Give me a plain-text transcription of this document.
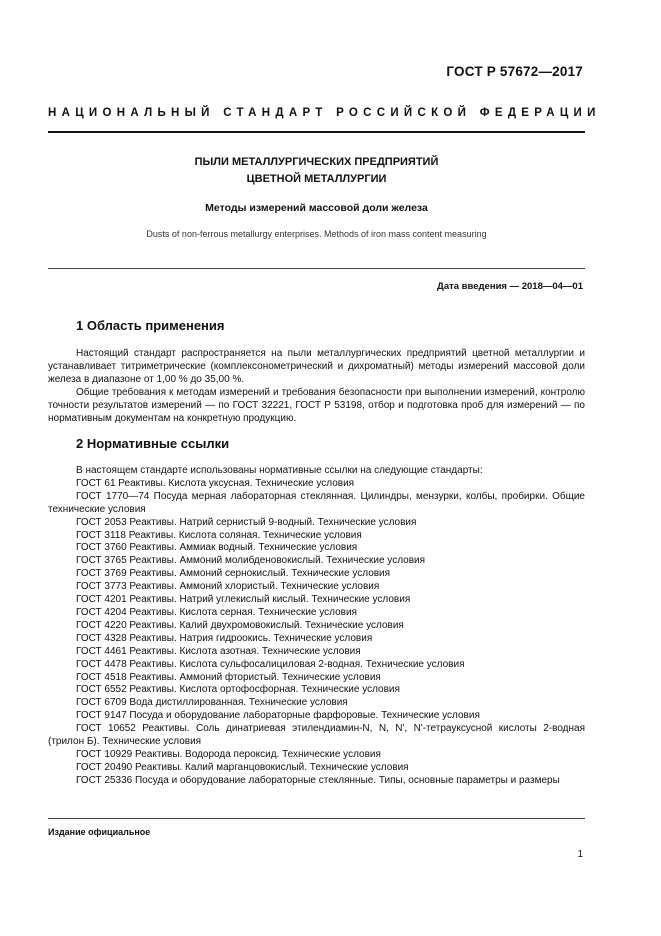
ГОСТ Р 57672—2017
НАЦИОНАЛЬНЫЙ СТАНДАРТ РОССИЙСКОЙ ФЕДЕРАЦИИ
ПЫЛИ МЕТАЛЛУРГИЧЕСКИХ ПРЕДПРИЯТИЙ
ЦВЕТНОЙ МЕТАЛЛУРГИИ
Методы измерений массовой доли железа
Dusts of non-ferrous metallurgy enterprises. Methods of iron mass content measuring
Дата введения — 2018—04—01
1 Область применения

Настоящий стандарт распространяется на пыли металлургических предприятий цветной металлургии и устанавливает титриметрические (комплексонометрический и дихроматный) методы измерений массовой доли железа в диапазоне от 1,00 % до 35,00 %.

Общие требования к методам измерений и требования безопасности при выполнении измерений, контролю точности результатов измерений — по ГОСТ 32221, ГОСТ Р 53198, отбор и подготовка проб для измерений — по нормативным документам на конкретную продукцию.

2 Нормативные ссылки
В настоящем стандарте использованы нормативные ссылки на следующие стандарты:
ГОСТ 61 Реактивы. Кислота уксусная. Технические условия
ГОСТ 1770—74 Посуда мерная лабораторная стеклянная. Цилиндры, мензурки, колбы, пробирки. Общие технические условия
ГОСТ 2053 Реактивы. Натрий сернистый 9-водный. Технические условия
ГОСТ 3118 Реактивы. Кислота соляная. Технические условия
ГОСТ 3760 Реактивы. Аммиак водный. Технические условия
ГОСТ 3765 Реактивы. Аммоний молибденовокислый. Технические условия
ГОСТ 3769 Реактивы. Аммоний сернокислый. Технические условия
ГОСТ 3773 Реактивы. Аммоний хлористый. Технические условия
ГОСТ 4201 Реактивы. Натрий углекислый кислый. Технические условия
ГОСТ 4204 Реактивы. Кислота серная. Технические условия
ГОСТ 4220 Реактивы. Калий двухромовокислый. Технические условия
ГОСТ 4328 Реактивы. Натрия гидроокись. Технические условия
ГОСТ 4461 Реактивы. Кислота азотная. Технические условия
ГОСТ 4478 Реактивы. Кислота сульфосалициловая 2-водная. Технические условия
ГОСТ 4518 Реактивы. Аммоний фтористый. Технические условия
ГОСТ 6552 Реактивы. Кислота ортофосфорная. Технические условия
ГОСТ 6709 Вода дистиллированная. Технические условия
ГОСТ 9147 Посуда и оборудование лабораторные фарфоровые. Технические условия
ГОСТ 10652 Реактивы. Соль динатриевая этилендиамин-N, N, N', N'-тетрауксусной кислоты 2-водная (трилон Б). Технические условия
ГОСТ 10929 Реактивы. Водорода пероксид. Технические условия
ГОСТ 20490 Реактивы. Калий марганцовокислый. Технические условия
ГОСТ 25336 Посуда и оборудование лабораторные стеклянные. Типы, основные параметры и размеры
Издание официальное
1
